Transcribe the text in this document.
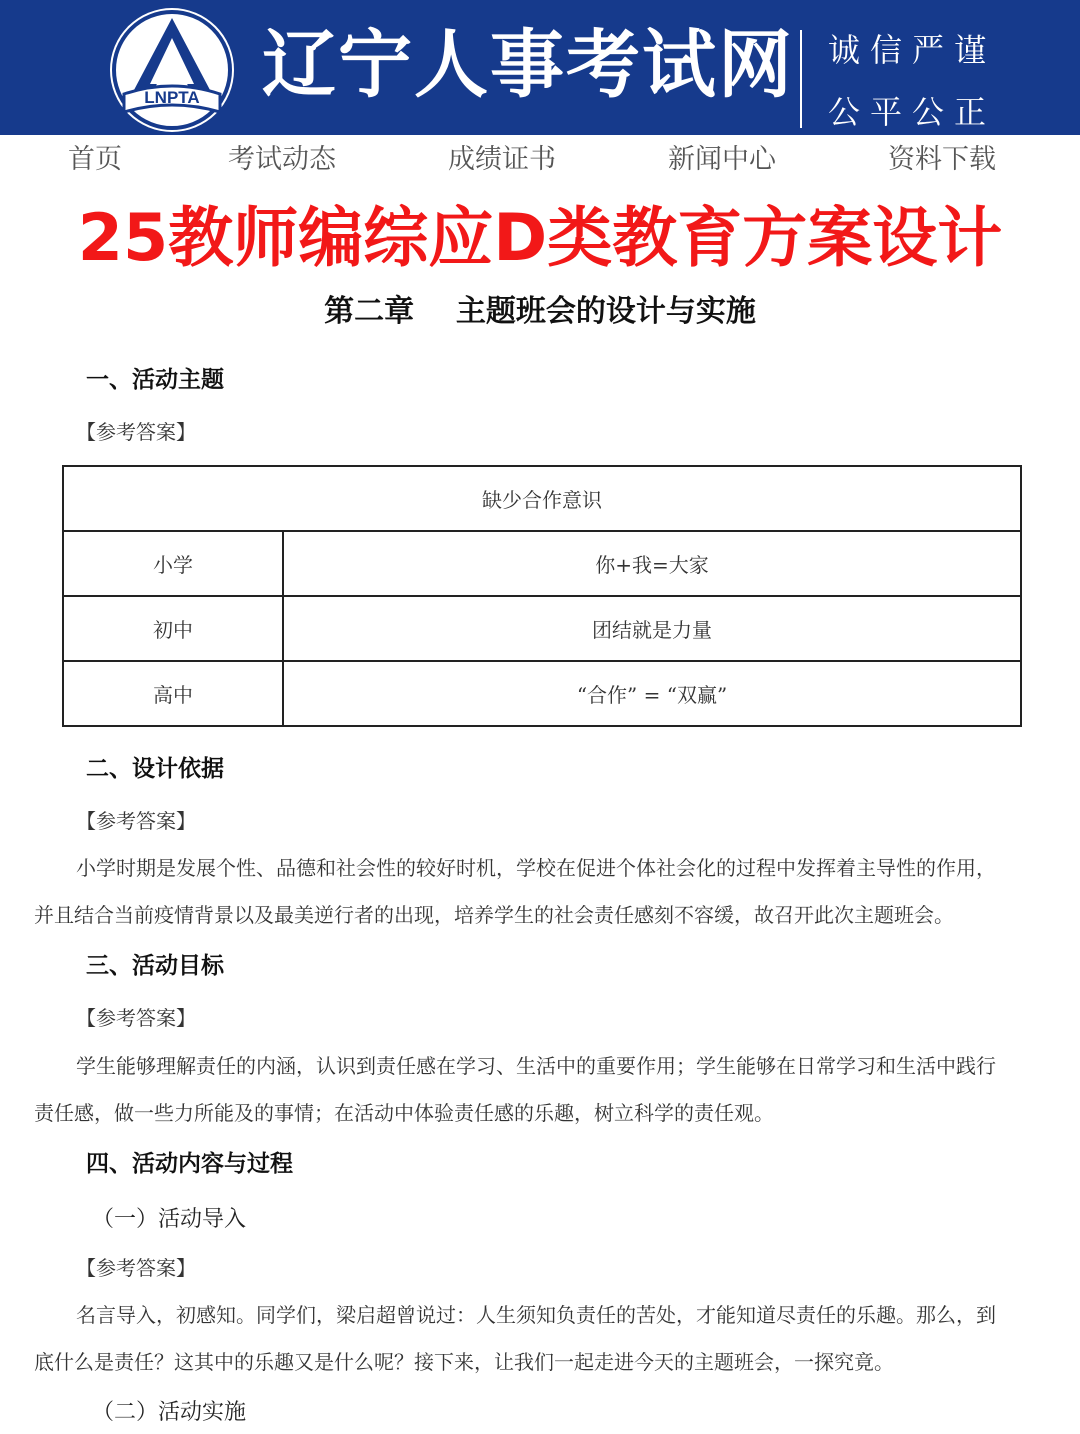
LNPTA 辽宁人事考试网 诚信严谨
公平公正
首页	考试动态	成绩证书	新闻中心	资料下载
25教师编综应D类教育方案设计
第二章    主题班会的设计与实施
一、活动主题
【参考答案】
缺少合作意识	
小学	你+我=大家
初中	团结就是力量
高中	“合作” = “双赢”
二、设计依据
【参考答案】
小学时期是发展个性、品德和社会性的较好时机，学校在促进个体社会化的过程中发挥着主导性的作用，
并且结合当前疫情背景以及最美逆行者的出现，培养学生的社会责任感刻不容缓，故召开此次主题班会。
三、活动目标
【参考答案】
学生能够理解责任的内涵，认识到责任感在学习、生活中的重要作用；学生能够在日常学习和生活中践行
责任感，做一些力所能及的事情；在活动中体验责任感的乐趣，树立科学的责任观。
四、活动内容与过程
（一）活动导入
【参考答案】
名言导入，初感知。同学们，梁启超曾说过：人生须知负责任的苦处，才能知道尽责任的乐趣。那么，到
底什么是责任？这其中的乐趣又是什么呢？接下来，让我们一起走进今天的主题班会，一探究竟。
（二）活动实施
